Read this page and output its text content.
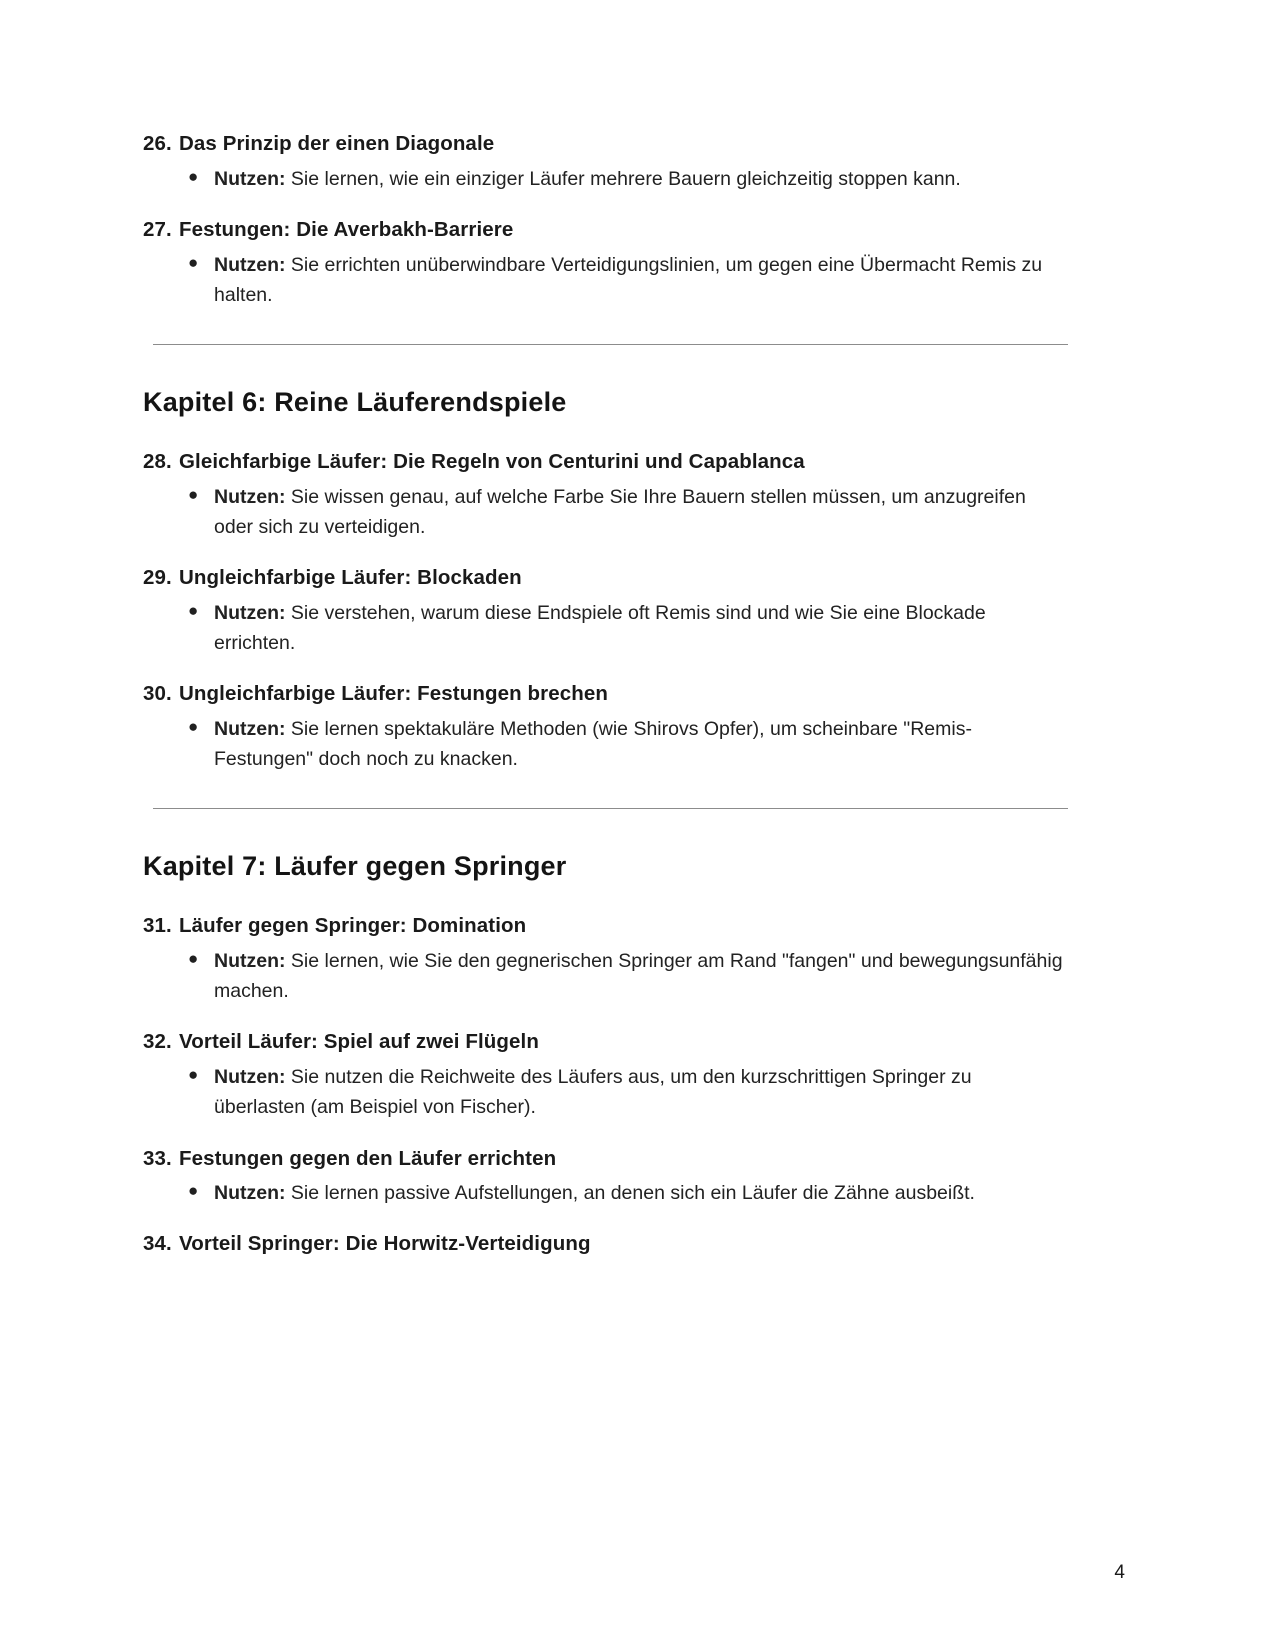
26. Das Prinzip der einen Diagonale
● Nutzen: Sie lernen, wie ein einziger Läufer mehrere Bauern gleichzeitig stoppen kann.
27. Festungen: Die Averbakh-Barriere
● Nutzen: Sie errichten unüberwindbare Verteidigungslinien, um gegen eine Übermacht Remis zu halten.
Kapitel 6: Reine Läuferendspiele
28. Gleichfarbige Läufer: Die Regeln von Centurini und Capablanca
● Nutzen: Sie wissen genau, auf welche Farbe Sie Ihre Bauern stellen müssen, um anzugreifen oder sich zu verteidigen.
29. Ungleichfarbige Läufer: Blockaden
● Nutzen: Sie verstehen, warum diese Endspiele oft Remis sind und wie Sie eine Blockade errichten.
30. Ungleichfarbige Läufer: Festungen brechen
● Nutzen: Sie lernen spektakuläre Methoden (wie Shirovs Opfer), um scheinbare "Remis-Festungen" doch noch zu knacken.
Kapitel 7: Läufer gegen Springer
31. Läufer gegen Springer: Domination
● Nutzen: Sie lernen, wie Sie den gegnerischen Springer am Rand "fangen" und bewegungsunfähig machen.
32. Vorteil Läufer: Spiel auf zwei Flügeln
● Nutzen: Sie nutzen die Reichweite des Läufers aus, um den kurzschrittigen Springer zu überlasten (am Beispiel von Fischer).
33. Festungen gegen den Läufer errichten
● Nutzen: Sie lernen passive Aufstellungen, an denen sich ein Läufer die Zähne ausbeißt.
34. Vorteil Springer: Die Horwitz-Verteidigung
4
